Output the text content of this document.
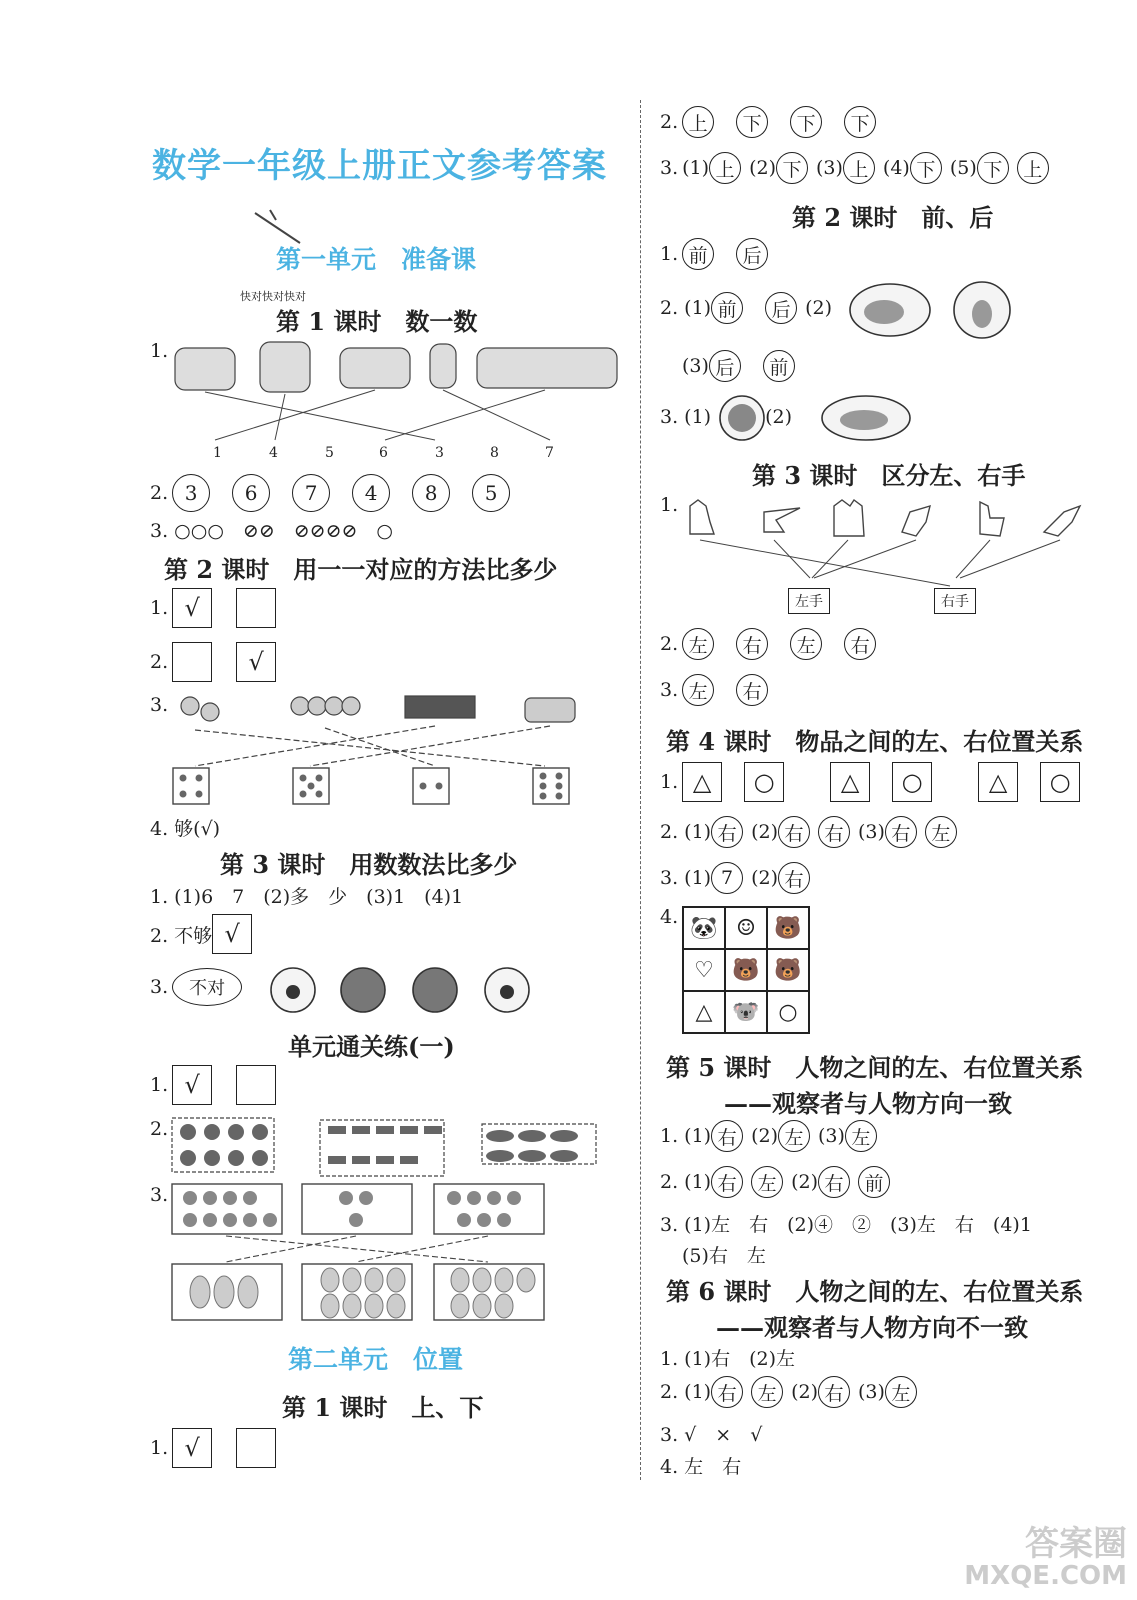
数学一年级上册正文参考答案
第一单元　准备课
快对快对快对
第 1 课时　数一数
1.
1	4	5	6	3	8	7
2. 3	6	7	4	8	5
3. ○○○　⊘⊘　⊘⊘⊘⊘　○
第 2 课时　用一一对应的方法比多少
1. √
2.	√
3.
4. 够(√)
第 3 课时　用数数法比多少
1. (1)6　7　(2)多　少　(3)1　(4)1
2. 不够 √
3.	不对
单元通关练(一)
1. √
2.
3.
第二单元　位置
第 1 课时　上、下
1. √
2. 上	下	下	下
3. (1) 上 (2) 下 (3) 上 (4) 下 (5) 下	上
第 2 课时　前、后
1. 前	后
2. (1) 前	后 (2)
(3) 后	前
3. (1)	(2)
第 3 课时　区分左、右手
1.
左手	右手
2. 左	右	左	右
3. 左	右
第 4 课时　物品之间的左、右位置关系
1. △	○	△	○	△	○
2. (1) 右 (2) 右	右 (3) 右	左
3. (1) 7 (2) 右
4. 🐼 ☺ 🐻
♡ 🐻 🐻
△ 🐨 ○
第 5 课时　人物之间的左、右位置关系
——观察者与人物方向一致
1. (1) 右 (2) 左 (3) 左
2. (1) 右	左 (2) 右	前
3. (1)左　右　(2)④　②　(3)左　右　(4)1
(5)右　左
第 6 课时　人物之间的左、右位置关系
——观察者与人物方向不一致
1. (1)右　(2)左
2. (1) 右	左 (2) 右 (3) 左
3. √　×　√
4. 左　右
答案圈
MXQE.COM
